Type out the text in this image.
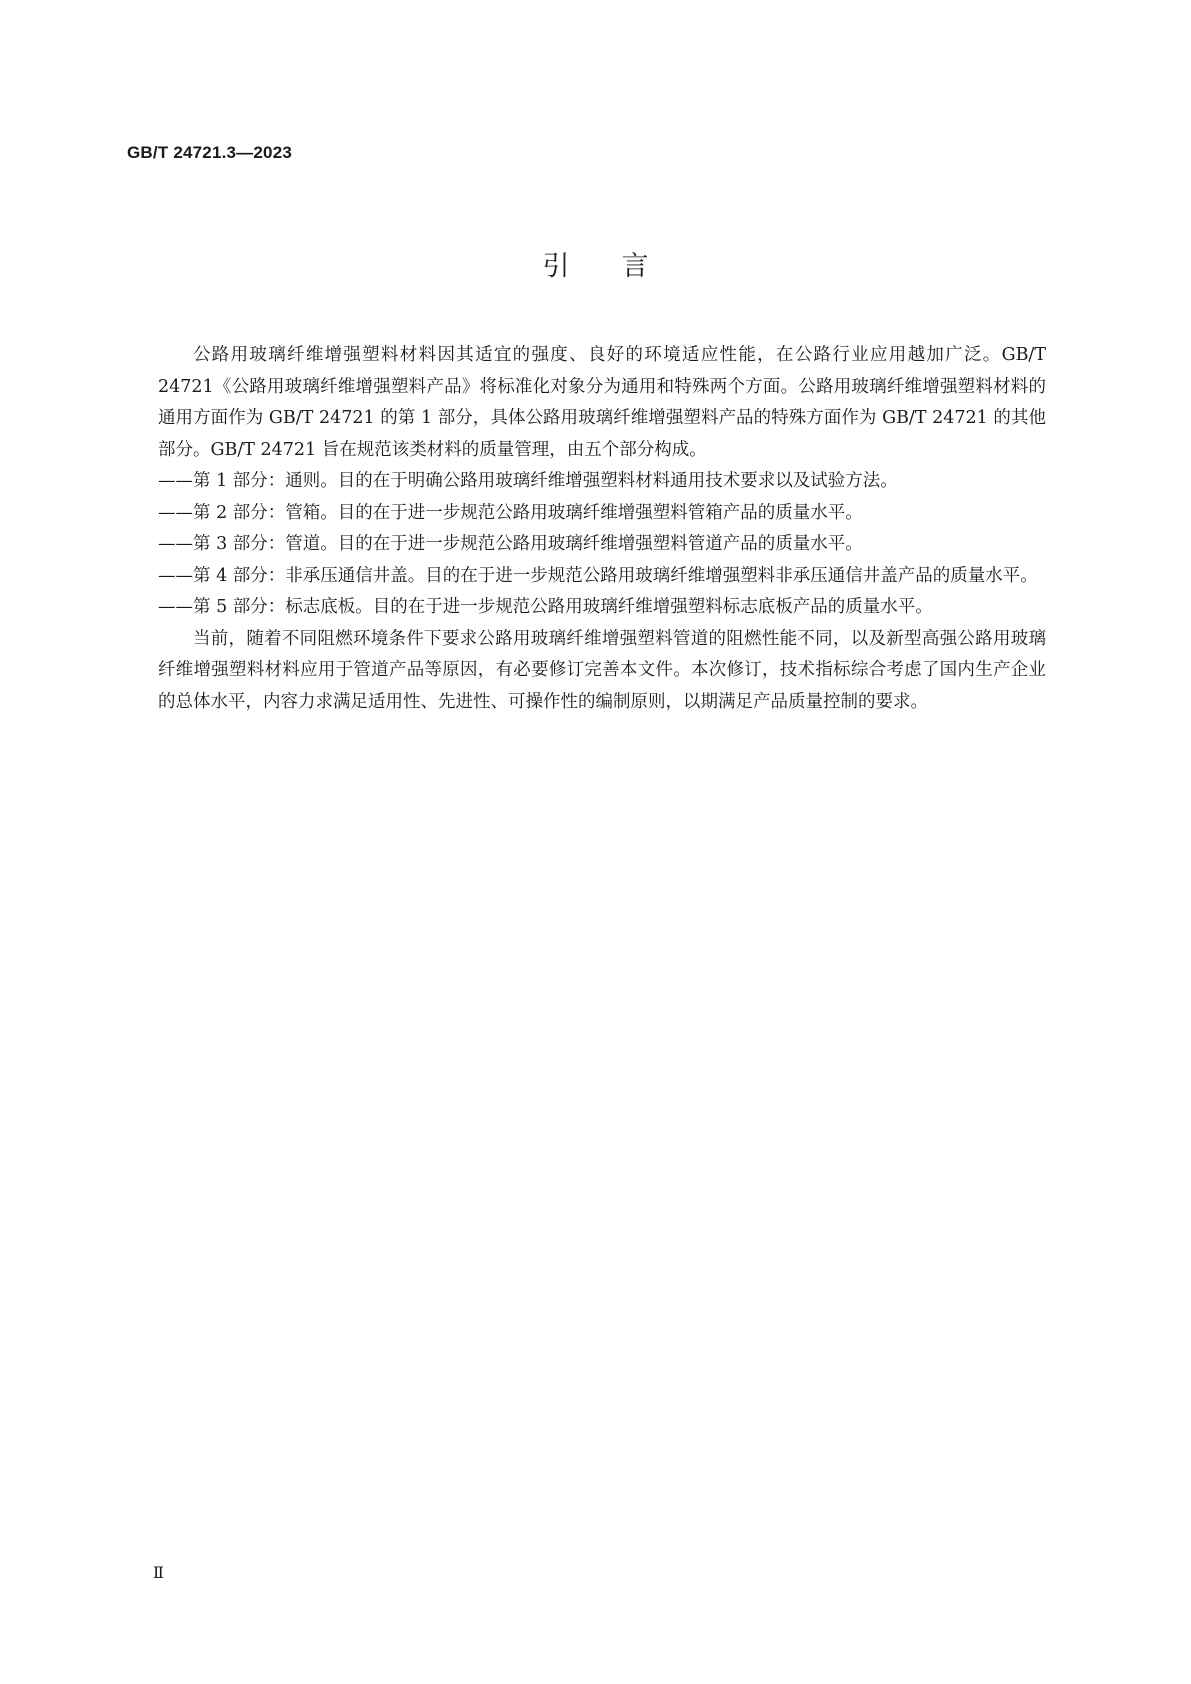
GB/T 24721.3—2023
引言

公路用玻璃纤维增强塑料材料因其适宜的强度、良好的环境适应性能，在公路行业应用越加广泛。GB/T 24721《公路用玻璃纤维增强塑料产品》将标准化对象分为通用和特殊两个方面。公路用玻璃纤维增强塑料材料的通用方面作为 GB/T 24721 的第 1 部分，具体公路用玻璃纤维增强塑料产品的特殊方面作为 GB/T 24721 的其他部分。GB/T 24721 旨在规范该类材料的质量管理，由五个部分构成。

——第 1 部分：通则。目的在于明确公路用玻璃纤维增强塑料材料通用技术要求以及试验方法。

——第 2 部分：管箱。目的在于进一步规范公路用玻璃纤维增强塑料管箱产品的质量水平。

——第 3 部分：管道。目的在于进一步规范公路用玻璃纤维增强塑料管道产品的质量水平。

——第 4 部分：非承压通信井盖。目的在于进一步规范公路用玻璃纤维增强塑料非承压通信井盖产品的质量水平。

——第 5 部分：标志底板。目的在于进一步规范公路用玻璃纤维增强塑料标志底板产品的质量水平。

当前，随着不同阻燃环境条件下要求公路用玻璃纤维增强塑料管道的阻燃性能不同，以及新型高强公路用玻璃纤维增强塑料材料应用于管道产品等原因，有必要修订完善本文件。本次修订，技术指标综合考虑了国内生产企业的总体水平，内容力求满足适用性、先进性、可操作性的编制原则，以期满足产品质量控制的要求。

Ⅱ
